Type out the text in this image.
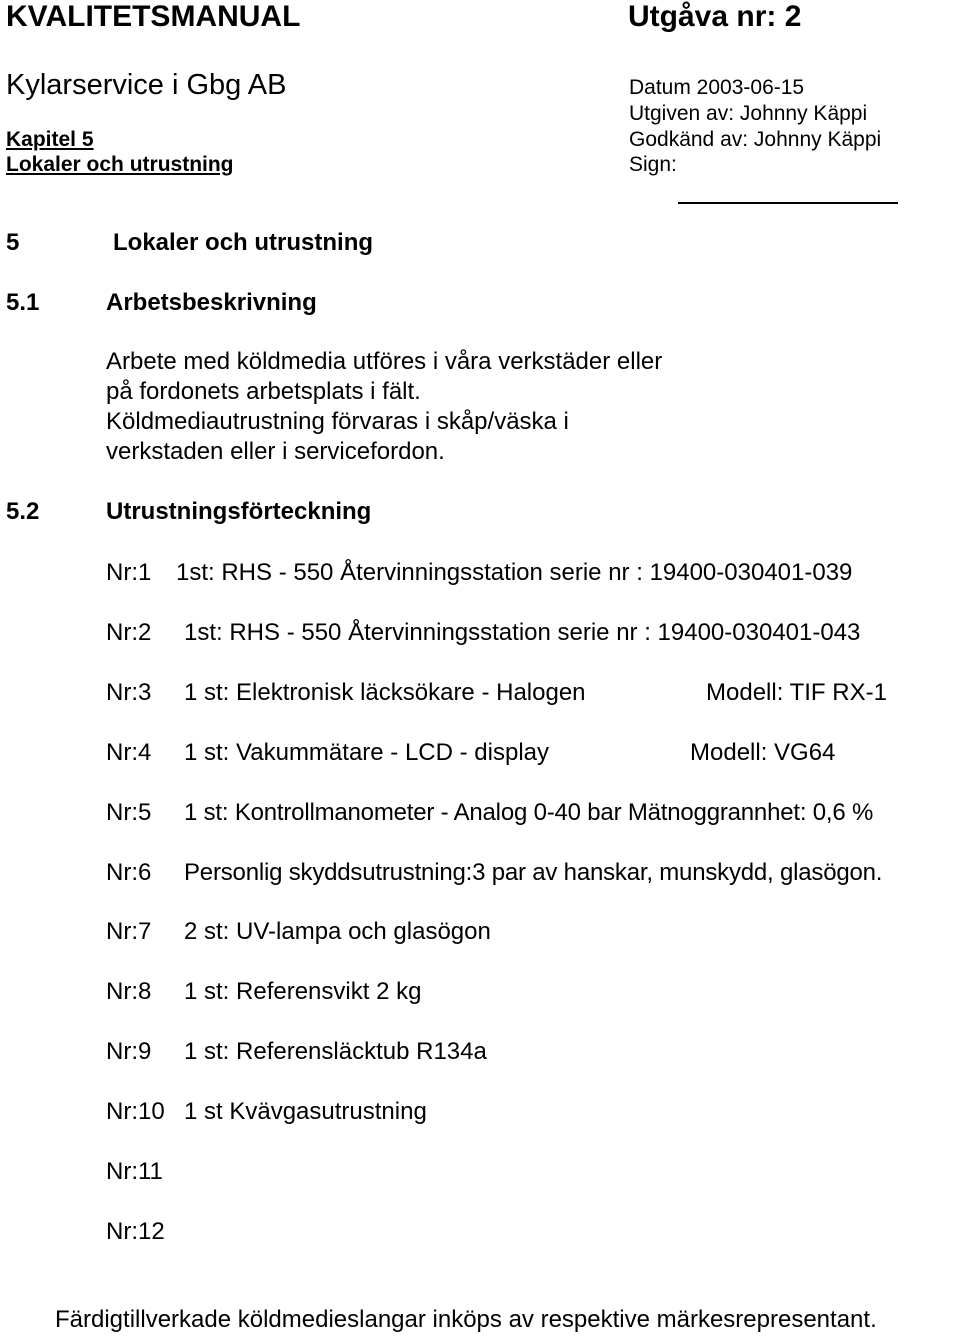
KVALITETSMANUAL	Utgåva nr: 2
Kylarservice i Gbg AB	Datum 2003-06-15
Utgiven av: Johnny Käppi
Kapitel 5	Godkänd av: Johnny Käppi
Lokaler och utrustning	Sign:
5	Lokaler och utrustning
5.1	Arbetsbeskrivning
Arbete med köldmedia utföres i våra verkstäder eller
på fordonets arbetsplats i fält.
Köldmediautrustning förvaras i skåp/väska i
verkstaden eller i servicefordon.
5.2	Utrustningsförteckning
Nr:1 1st: RHS - 550 Återvinningsstation serie nr : 19400-030401-039
Nr:2 1st: RHS - 550 Återvinningsstation serie nr : 19400-030401-043
Nr:3 1 st: Elektronisk läcksökare - Halogen	Modell: TIF RX-1
Nr:4 1 st: Vakummätare - LCD - display	Modell: VG64
Nr:5 1 st: Kontrollmanometer - Analog 0-40 bar Mätnoggrannhet: 0,6 %
Nr:6 Personlig skyddsutrustning:3 par av hanskar, munskydd, glasögon.
Nr:7 2 st: UV-lampa och glasögon
Nr:8 1 st: Referensvikt 2 kg
Nr:9 1 st: Referensläcktub R134a
Nr:10 1 st Kvävgasutrustning
Nr:11
Nr:12
Färdigtillverkade köldmedieslangar inköps av respektive märkesrepresentant.
